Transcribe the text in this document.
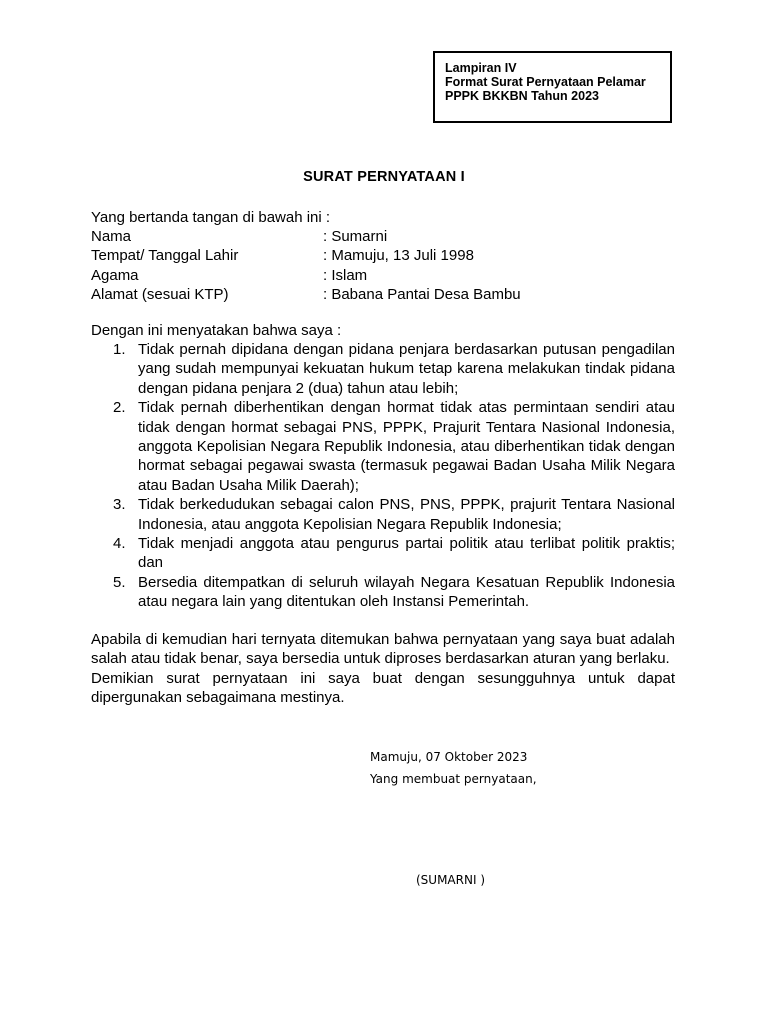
Lampiran IV
Format Surat Pernyataan Pelamar
PPPK BKKBN Tahun 2023
SURAT PERNYATAAN I
Yang bertanda tangan di bawah ini :
Nama	: Sumarni
Tempat/ Tanggal Lahir	: Mamuju, 13 Juli 1998
Agama	: Islam
Alamat (sesuai KTP)	: Babana Pantai Desa Bambu
Dengan ini menyatakan bahwa saya :
1. Tidak pernah dipidana dengan pidana penjara berdasarkan putusan pengadilan yang sudah mempunyai kekuatan hukum tetap karena melakukan tindak pidana dengan pidana penjara 2 (dua) tahun atau lebih;
2. Tidak pernah diberhentikan dengan hormat tidak atas permintaan sendiri atau tidak dengan hormat sebagai PNS, PPPK, Prajurit Tentara Nasional Indonesia, anggota Kepolisian Negara Republik Indonesia, atau diberhentikan tidak dengan hormat sebagai pegawai swasta (termasuk pegawai Badan Usaha Milik Negara atau Badan Usaha Milik Daerah);
3. Tidak berkedudukan sebagai calon PNS, PNS, PPPK, prajurit Tentara Nasional Indonesia, atau anggota Kepolisian Negara Republik Indonesia;
4. Tidak menjadi anggota atau pengurus partai politik atau terlibat politik praktis; dan
5. Bersedia ditempatkan di seluruh wilayah Negara Kesatuan Republik Indonesia atau negara lain yang ditentukan oleh Instansi Pemerintah.

Apabila di kemudian hari ternyata ditemukan bahwa pernyataan yang saya buat adalah salah atau tidak benar, saya bersedia untuk diproses berdasarkan aturan yang berlaku.

Demikian surat pernyataan ini saya buat dengan sesungguhnya untuk dapat dipergunakan sebagaimana mestinya.

Mamuju, 07 Oktober 2023
Yang membuat pernyataan,
(SUMARNI )
